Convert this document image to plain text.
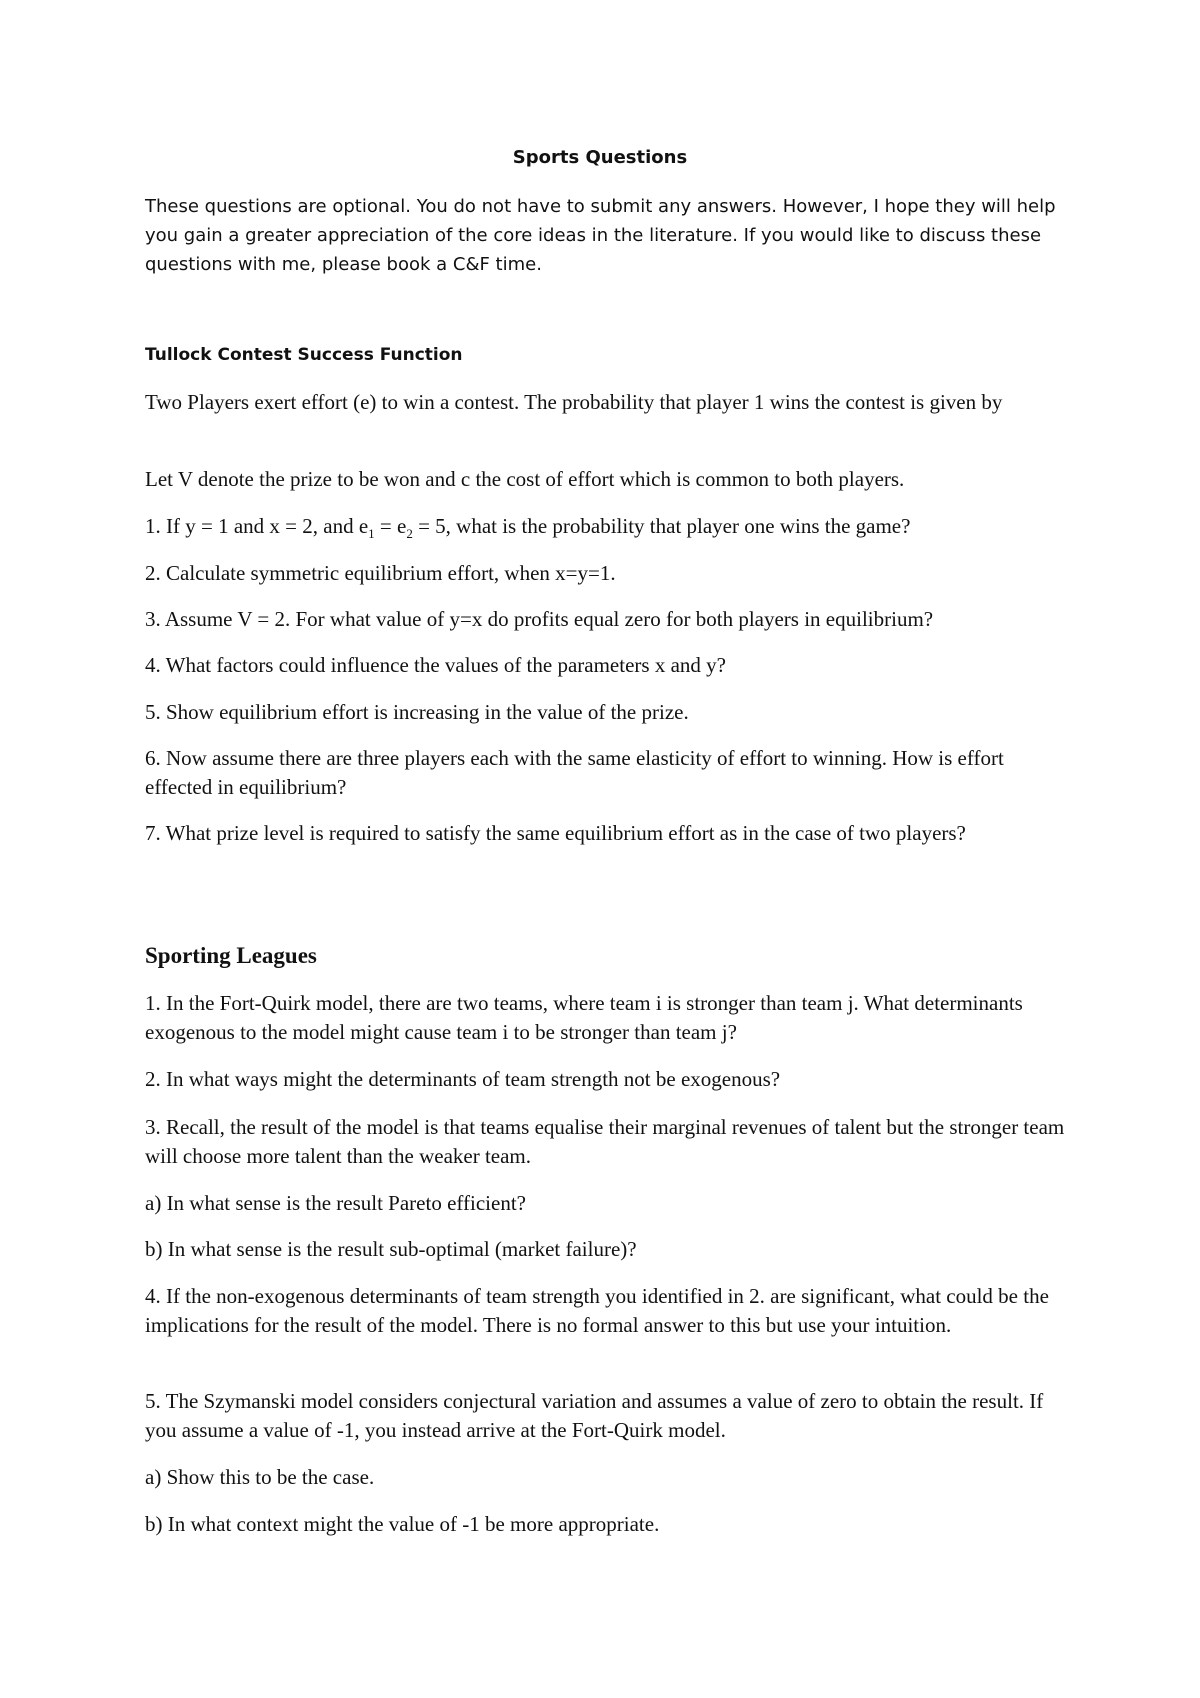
Sports Questions

These questions are optional. You do not have to submit any answers. However, I hope they will help you gain a greater appreciation of the core ideas in the literature. If you would like to discuss these questions with me, please book a C&F time.

Tullock Contest Success Function

Two Players exert effort (e) to win a contest. The probability that player 1 wins the contest is given by

Let V denote the prize to be won and c the cost of effort which is common to both players.

1. If y = 1 and x = 2, and $e_1 = e_2 = 5$, what is the probability that player one wins the game?

2. Calculate symmetric equilibrium effort, when x=y=1.

3. Assume V = 2. For what value of y=x do profits equal zero for both players in equilibrium?

4. What factors could influence the values of the parameters x and y?

5. Show equilibrium effort is increasing in the value of the prize.

6. Now assume there are three players each with the same elasticity of effort to winning. How is effort effected in equilibrium?

7. What prize level is required to satisfy the same equilibrium effort as in the case of two players?

Sporting Leagues

1. In the Fort-Quirk model, there are two teams, where team i is stronger than team j. What determinants exogenous to the model might cause team i to be stronger than team j?

2. In what ways might the determinants of team strength not be exogenous?

3. Recall, the result of the model is that teams equalise their marginal revenues of talent but the stronger team will choose more talent than the weaker team.

a) In what sense is the result Pareto efficient?

b) In what sense is the result sub-optimal (market failure)?

4. If the non-exogenous determinants of team strength you identified in 2. are significant, what could be the implications for the result of the model. There is no formal answer to this but use your intuition.

5. The Szymanski model considers conjectural variation and assumes a value of zero to obtain the result. If you assume a value of -1, you instead arrive at the Fort-Quirk model.

a) Show this to be the case.

b) In what context might the value of -1 be more appropriate.
